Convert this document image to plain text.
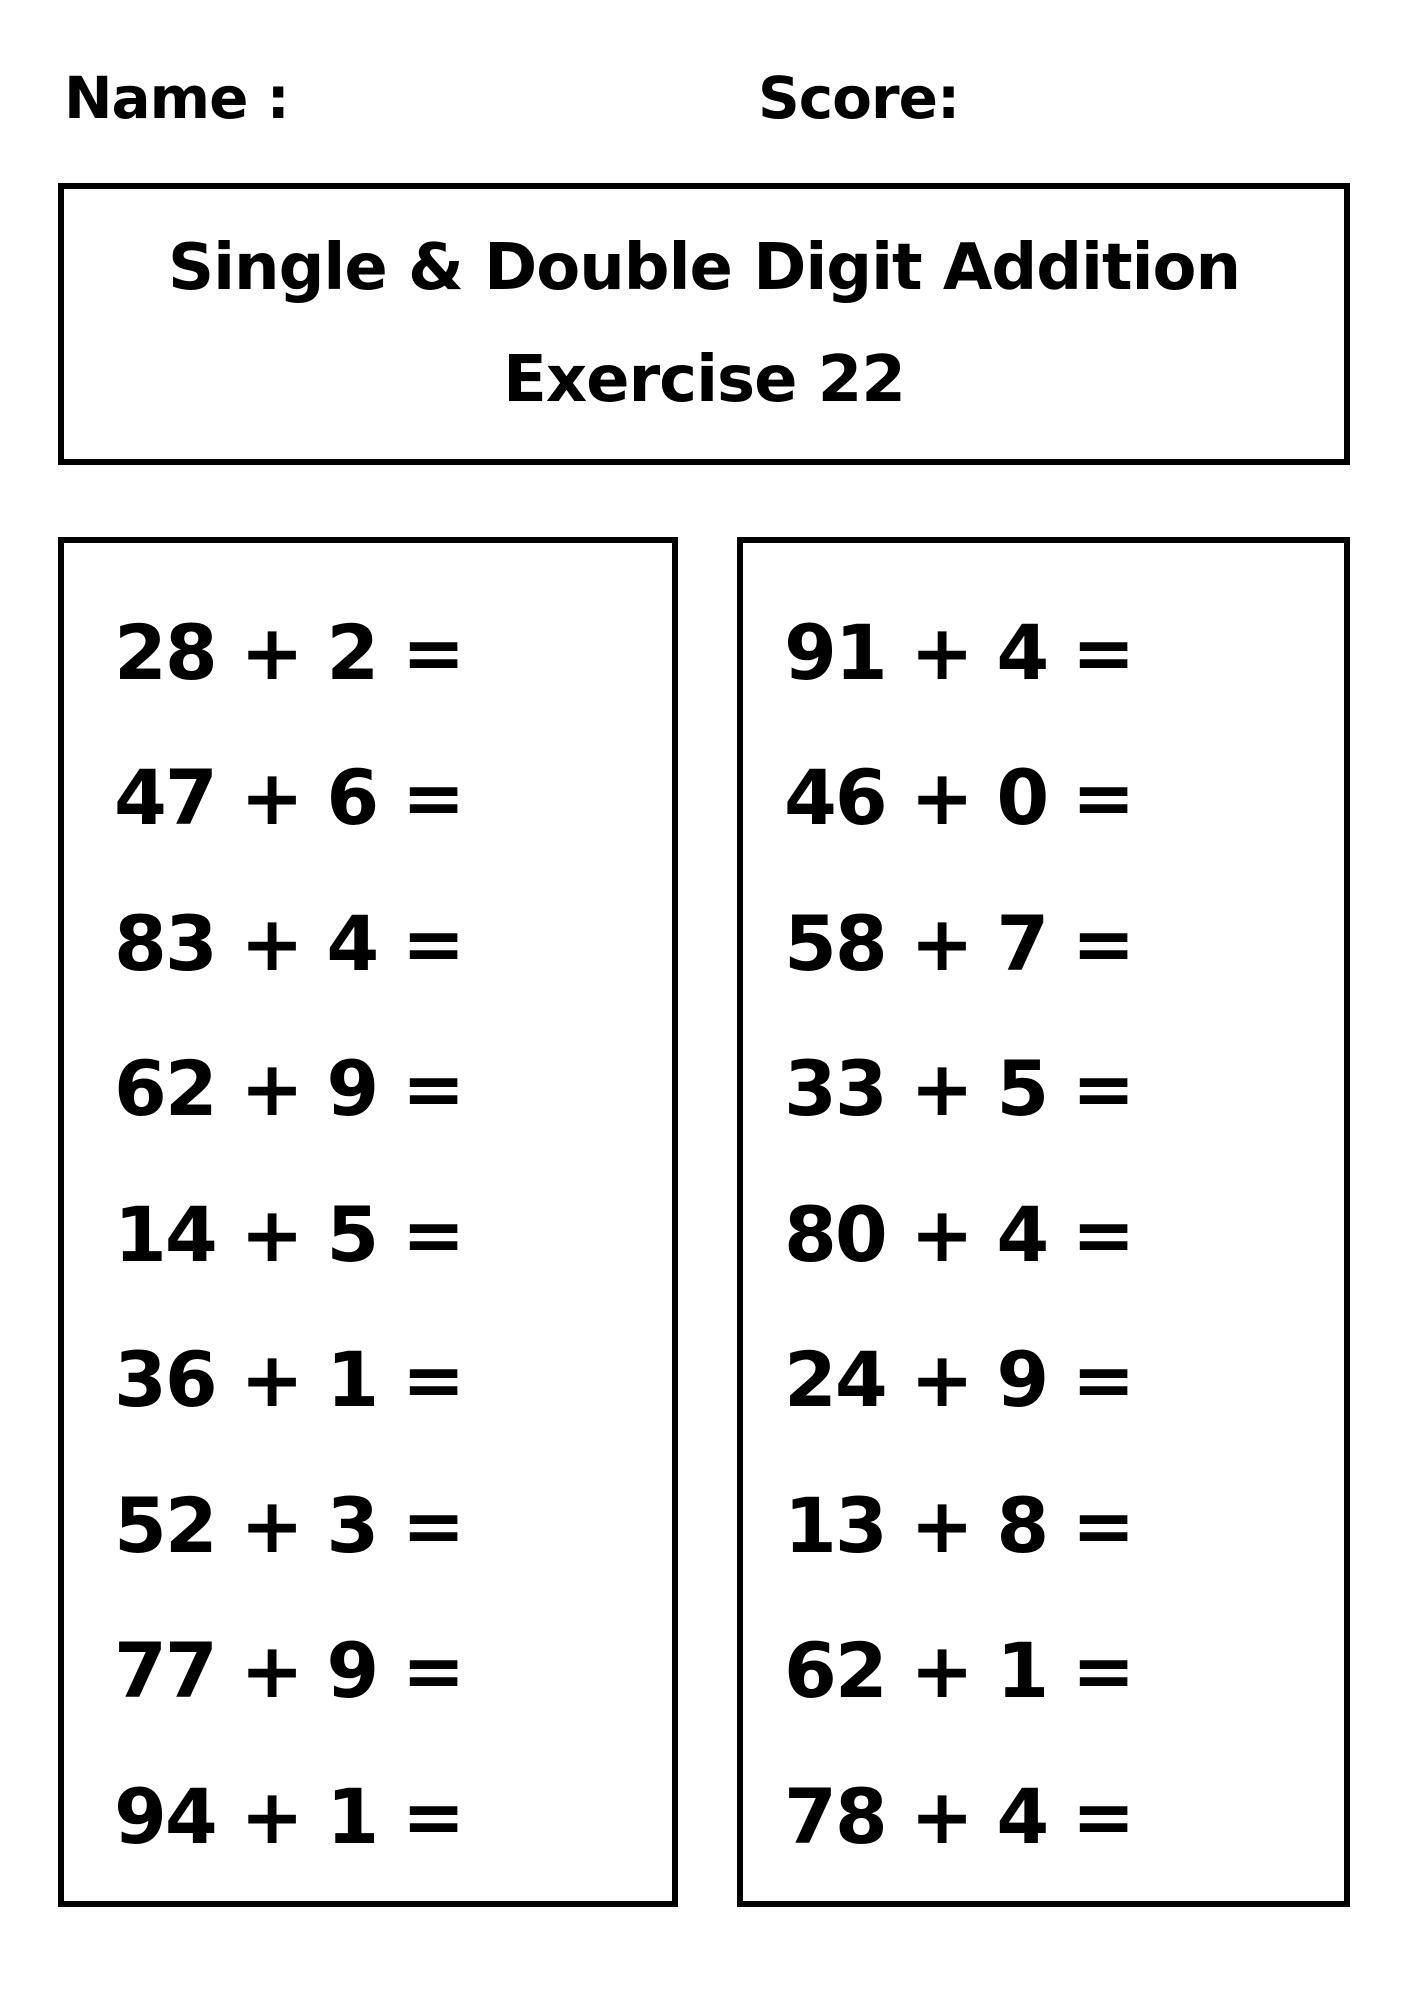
Name :	Score:
Single & Double Digit Addition
Exercise 22
28 + 2 =
47 + 6 =
83 + 4 =
62 + 9 =
14 + 5 =
36 + 1 =
52 + 3 =
77 + 9 =
94 + 1 =
91 + 4 =
46 + 0 =
58 + 7 =
33 + 5 =
80 + 4 =
24 + 9 =
13 + 8 =
62 + 1 =
78 + 4 =
